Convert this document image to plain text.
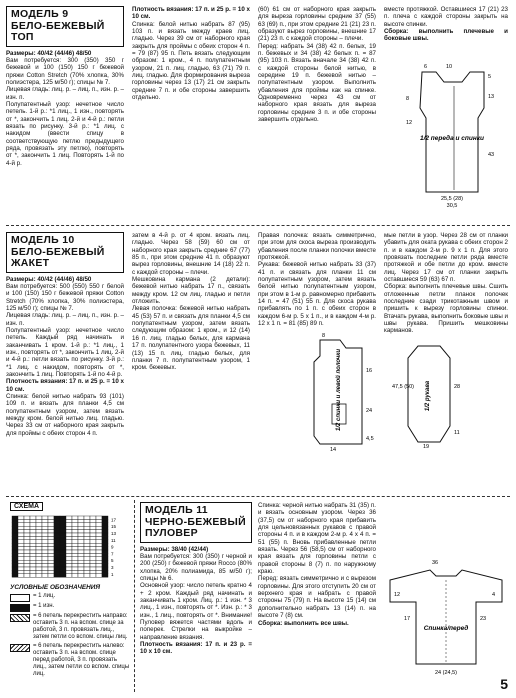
МОДЕЛЬ 9
БЕЛО-БЕЖЕВЫЙ ТОП

Размеры: 40/42 (44/46) 48/50

Вам потребуется: 300 (350) 350 г бежевой и 100 (150) 150 г бежевой пряжи Cotton Stretch (70% хлопка, 30% полиэстера, 125 м/50 г); спицы № 7.

Лицевая гладь: лиц. р. – лиц. п., изн. р. – изн. п.

Полупатентный узор: нечетное число петель. 1-й р.: *1 лиц., 1 изн., повторять от *, закончить 1 лиц. 2-й и 4-й р.: петли вязать по рисунку. 3-й р.: *1 лиц. с накидом (ввести спицу в соответствующую петлю предыдущего ряда, провязать эту петлю), повторять от *, закончить 1 лиц. Повторять 1-й по 4-й р.

Плотность вязания: 17 п. и 25 р. = 10 х 10 см.

Спинка: белой нитью набрать 87 (95) 103 п. и вязать между краев лиц. гладью. Через 39 см от наборного края закрыть для проймы с обеих сторон 4 п. = 79 (87) 95 п. Петь вязать следующим образом: 1 кром., 4 п. полупатентным узором, 21 п. лиц. гладью, 63 (71) 79 п. лиц. гладью. Для формирования выреза горловины через 13 (17) 21 см закрыть средние 7 п. и обе стороны завершить отдельно.

(60) 61 см от наборного края закрыть для выреза горловины средние 37 (55) 63 (69) п., при этом средние 21 (21) 23 п. образуют вырез горловины, внешние 17 (21) 23 п. с каждой стороны – плечи.

Перед: набрать 34 (38) 42 п. белых, 19 п. бежевых и 34 (38) 42 белых п. = 87 (95) 103 п. Вязать вначале 34 (38) 42 п. с каждой стороны белой нитью, в середине 19 п. бежевой нитью – полупатентным узором. Выполнить убавления для проймы как на спинке. Одновременно через 43 см от наборного края вязать для выреза горловины средние 3 п. и обе стороны завершить отдельно.

вместе протяжкой. Оставшиеся 17 (21) 23 п. плеча с каждой стороны закрыть на высоте спинки.

Сборка: выполнить плечевые и боковые швы.

1/2 переда и спинки
6	10
5
13
43
8
12
25,5 (28)
30,5
МОДЕЛЬ 10
БЕЛО-БЕЖЕВЫЙ ЖАКЕТ

Размеры: 40/42 (44/46) 48/50

Вам потребуется: 500 (550) 550 г белой и 100 (150) 150 г бежевой пряжи Cotton Stretch (70% хлопка, 30% полиэстера, 125 м/50 г); спицы № 7.

Лицевая гладь: лиц. р. – лиц. п., изн. р. – изн. п.

Полупатентный узор: нечетное число петель. Каждый ряд начинать и заканчивать 1 кром. 1-й р.: *1 лиц., 1 изн., повторять от *, закончить 1 лиц. 2-й и 4-й р.: петли вязать по рисунку. 3-й р.: *1 лиц. с накидом, повторять от *, закончить 1 лиц. Повторять 1-й по 4-й р.

Плотность вязания: 17 п. и 25 р. = 10 х 10 см.

Спинка: белой нитью набрать 93 (101) 109 п. и вязать для планки 4,5 см полупатентным узором, затем вязать между кром. белой нитью лиц. гладью. Через 33 см от наборного края закрыть для проймы с обеих сторон 4 п.

затем в 4-й р. от 4 кром. вязать лиц. гладью. Через 58 (59) 60 см от наборного края закрыть средние 67 (77) 85 п., при этом средние 41 п. образуют вырез горловины, внешние 14 (18) 22 п. с каждой стороны – плечи.

Мешковина кармана (2 детали): бежевой нитью набрать 17 п., связать между кром. 12 см лиц. гладью и петли отложить.

Левая полочка: бежевой нитью набрать 45 (53) 57 п. и связать для планки 4,5 см полупатентным узором, затем вязать следующим образом: 1 кром., и 12 (14) 16 п. лиц. гладью белых, для кармана 17 п. полупатентного узора бежевых, 11 (13) 15 п. лиц. гладью белых, для планки 7 п. полупатентным узором, 1 кром. бежевых.

Правая полочка: вязать симметрично, при этом для скоса выреза производить убавления после планки полочки вместе протяжкой.

Рукава: бежевой нитью набрать 33 (37) 41 п. и связать для планки 11 см полупатентным узором, затем вязать белой нитью полупатентным узором, при этом в 1-м р. равномерно прибавить 14 п. = 47 (51) 55 п. Для скоса рукава прибавлять по 1 п. с обеих сторон в каждом 6-м р. 5 х 1 п., и в каждом 4-м р. 12 х 1 п. = 81 (85) 89 п.

мые петли в узор. Через 28 см от планки убавить для оката рукава с обеих сторон 2 п. и в каждом 2-м р. 9 х 1 п. Для этого провязать последние петли ряда вместе протяжкой и обе петли до кром. вместе лиц. Через 17 см от планки закрыть оставшиеся 59 (63) 67 п.

Сборка: выполнить плечевые швы. Сшить отложенные петли планок полочек последние сзади трикотажным швом и пришить к вырезу горловины спинки. Втачать рукава, выполнить боковые швы и швы рукава. Пришить мешковины карманов.

1/2 спинки и левой полочки
8
16
24
4,5
14
1/2 рукава	28
11
47,5 (50)
19
СХЕМА
17
15
13
11
9
7
5
3
1
УСЛОВНЫЕ ОБОЗНАЧЕНИЯ
= 1 лиц.
= 1 изн.
= 6 петель перекрестить направо: оставить 3 п. на вспом. спице за работой, 3 п. провязать лиц., затем петли со вспом. спицы лиц.
= 6 петель перекрестить налево: оставить 3 п. на вспом. спице перед работой, 3 п. провязать лиц., затем петли со вспом. спицы лиц.
МОДЕЛЬ 11
ЧЕРНО-БЕЖЕВЫЙ ПУЛОВЕР

Размеры: 38/40 (42/44)

Вам потребуется: 300 (350) г черной и 200 (250) г бежевой пряжи Rocco (80% хлопка, 20% полиамида, 85 м/50 г); спицы № 6.

Основной узор: число петель кратно 4 + 2 кром. Каждый ряд начинать и заканчивать 1 кром. Лиц. р.: 1 изн. * 3 лиц., 1 изн., повторять от *. Изн. р.: * 3 изн., 1 лиц., повторять от *. Внимание! Пуловер вяжется частями вдоль и поперек. Стрелки на выкройке – направление вязания.

Плотность вязания: 17 п. и 23 р. = 10 х 10 см.

Спинка: черной нитью набрать 31 (35) п. и вязать основным узором. Через 36 (37,5) см от наборного края прибавить для цельновязанных рукавов с правой стороны 4 п. и в каждом 2-м р. 4 х 4 п. = 51 (55) п. Вновь прибавленные петли вязать. Через 56 (58,5) см от наборного края вязать для горловины петли с правой стороны 8 (7) п. по наружному краю.

Перед: вязать симметрично и с вырезом горловины. Для этого отступить 20 см от верхнего края и набрать с правой стороны 75 (79) п. На высоте 15 (14) см дополнительно набрать 13 (14) п. на высоте 7 (8) см.

Сборка: выполнить все швы.

Спинка/перед
36
23
4
12
24 (24,5)
17
5
